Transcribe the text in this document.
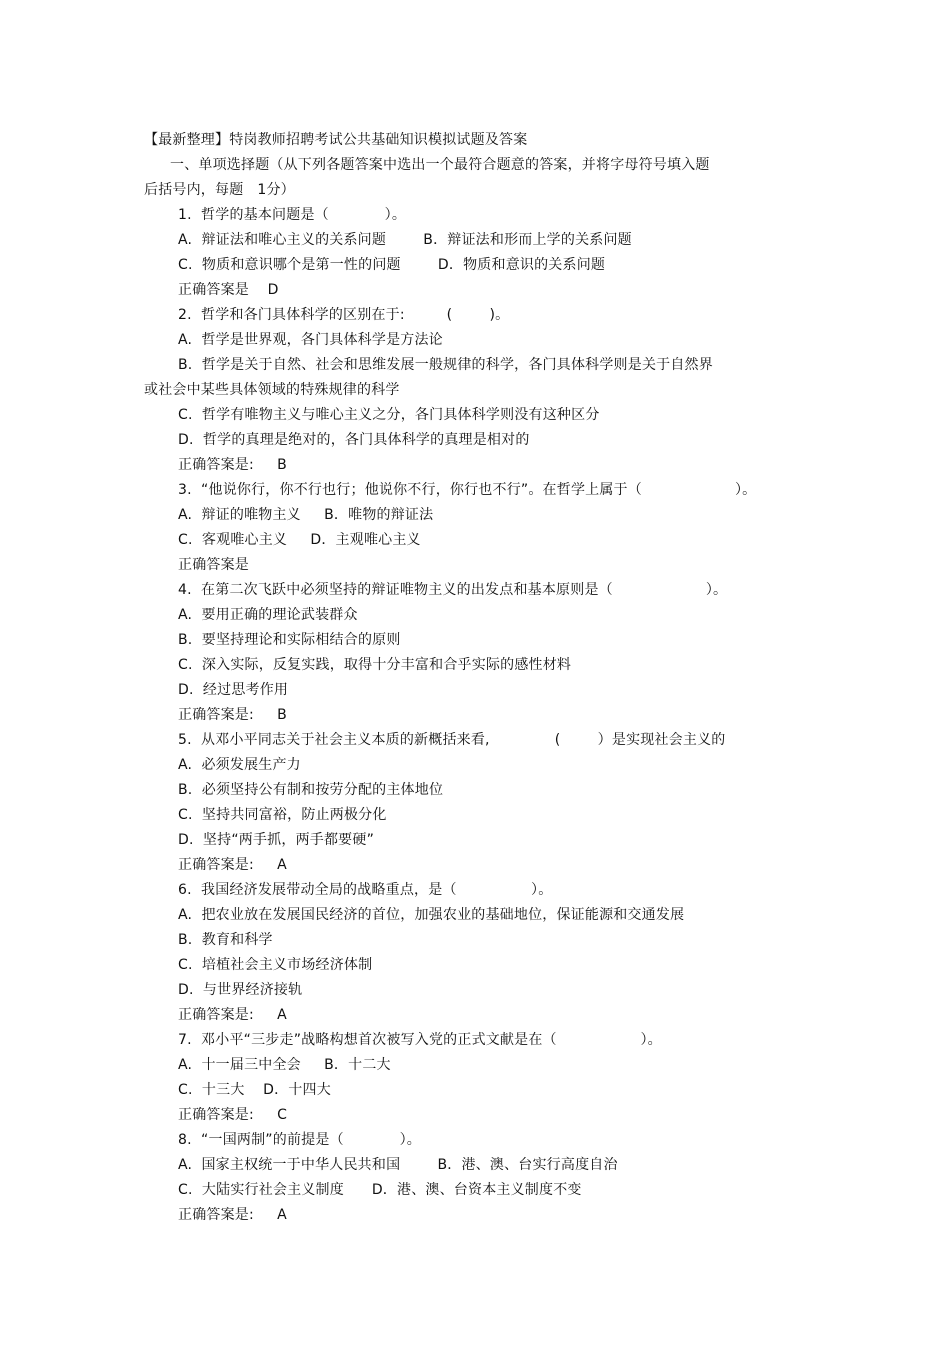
【最新整理】特岗教师招聘考试公共基础知识模拟试题及答案
一、单项选择题（从下列各题答案中选出一个最符合题意的答案，并将字母符号填入题
后括号内，每题   1分）
1.  哲学的基本问题是（            ）。
A.  辩证法和唯心主义的关系问题        B．辩证法和形而上学的关系问题
C.  物质和意识哪个是第一性的问题        D．物质和意识的关系问题
正确答案是    D
2.  哲学和各门具体科学的区别在于:         (        )。
A.  哲学是世界观，各门具体科学是方法论
B.  哲学是关于自然、社会和思维发展一般规律的科学，各门具体科学则是关于自然界
或社会中某些具体领域的特殊规律的科学
C.  哲学有唯物主义与唯心主义之分，各门具体科学则没有这种区分
D.  哲学的真理是绝对的，各门具体科学的真理是相对的
正确答案是:     B
3.  “他说你行，你不行也行；他说你不行，你行也不行”。在哲学上属于（                    ）。
A.  辩证的唯物主义     B．唯物的辩证法
C.  客观唯心主义     D．主观唯心主义
正确答案是
4.  在第二次飞跃中必须坚持的辩证唯物主义的出发点和基本原则是（                    ）。
A.  要用正确的理论武装群众
B.  要坚持理论和实际相结合的原则
C.  深入实际，反复实践，取得十分丰富和合乎实际的感性材料
D.  经过思考作用
正确答案是:     B
5.  从邓小平同志关于社会主义本质的新概括来看,              (        ）是实现社会主义的
A.  必须发展生产力
B.  必须坚持公有制和按劳分配的主体地位
C.  坚持共同富裕，防止两极分化
D.  坚持“两手抓，两手都要硬”
正确答案是:     A
6.  我国经济发展带动全局的战略重点，是（                ）。
A.  把农业放在发展国民经济的首位，加强农业的基础地位，保证能源和交通发展
B.  教育和科学
C.  培植社会主义市场经济体制
D.  与世界经济接轨
正确答案是:     A
7.  邓小平“三步走”战略构想首次被写入党的正式文献是在（                  ）。
A.  十一届三中全会     B．十二大
C.  十三大    D．十四大
正确答案是:     C
8.  “一国两制”的前提是（            ）。
A.  国家主权统一于中华人民共和国        B．港、澳、台实行高度自治
C.  大陆实行社会主义制度      D．港、澳、台资本主义制度不变
正确答案是:     A
